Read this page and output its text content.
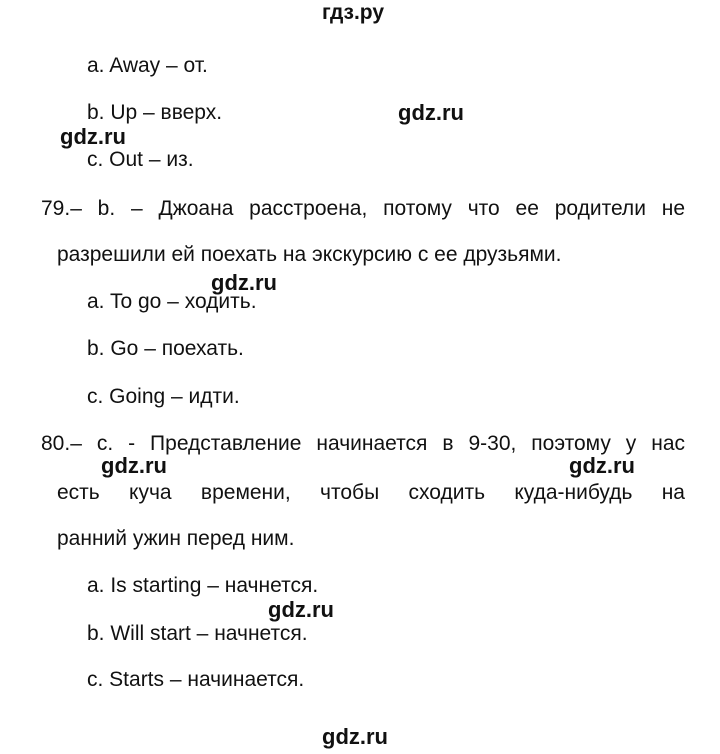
гдз.ру
a. Away – от.
b. Up – вверх.
c. Out – из.
79.– b. – Джоана расстроена, потому что ее родители не
разрешили ей поехать на экскурсию с ее друзьями.
a. To go – ходить.
b. Go – поехать.
c. Going – идти.
80.– c. - Представление начинается в 9-30, поэтому у нас
есть куча времени, чтобы сходить куда-нибудь на
ранний ужин перед ним.
a. Is starting – начнется.
b. Will start – начнется.
c. Starts – начинается.
gdz.ru
gdz.ru
gdz.ru
gdz.ru	gdz.ru
gdz.ru
gdz.ru
